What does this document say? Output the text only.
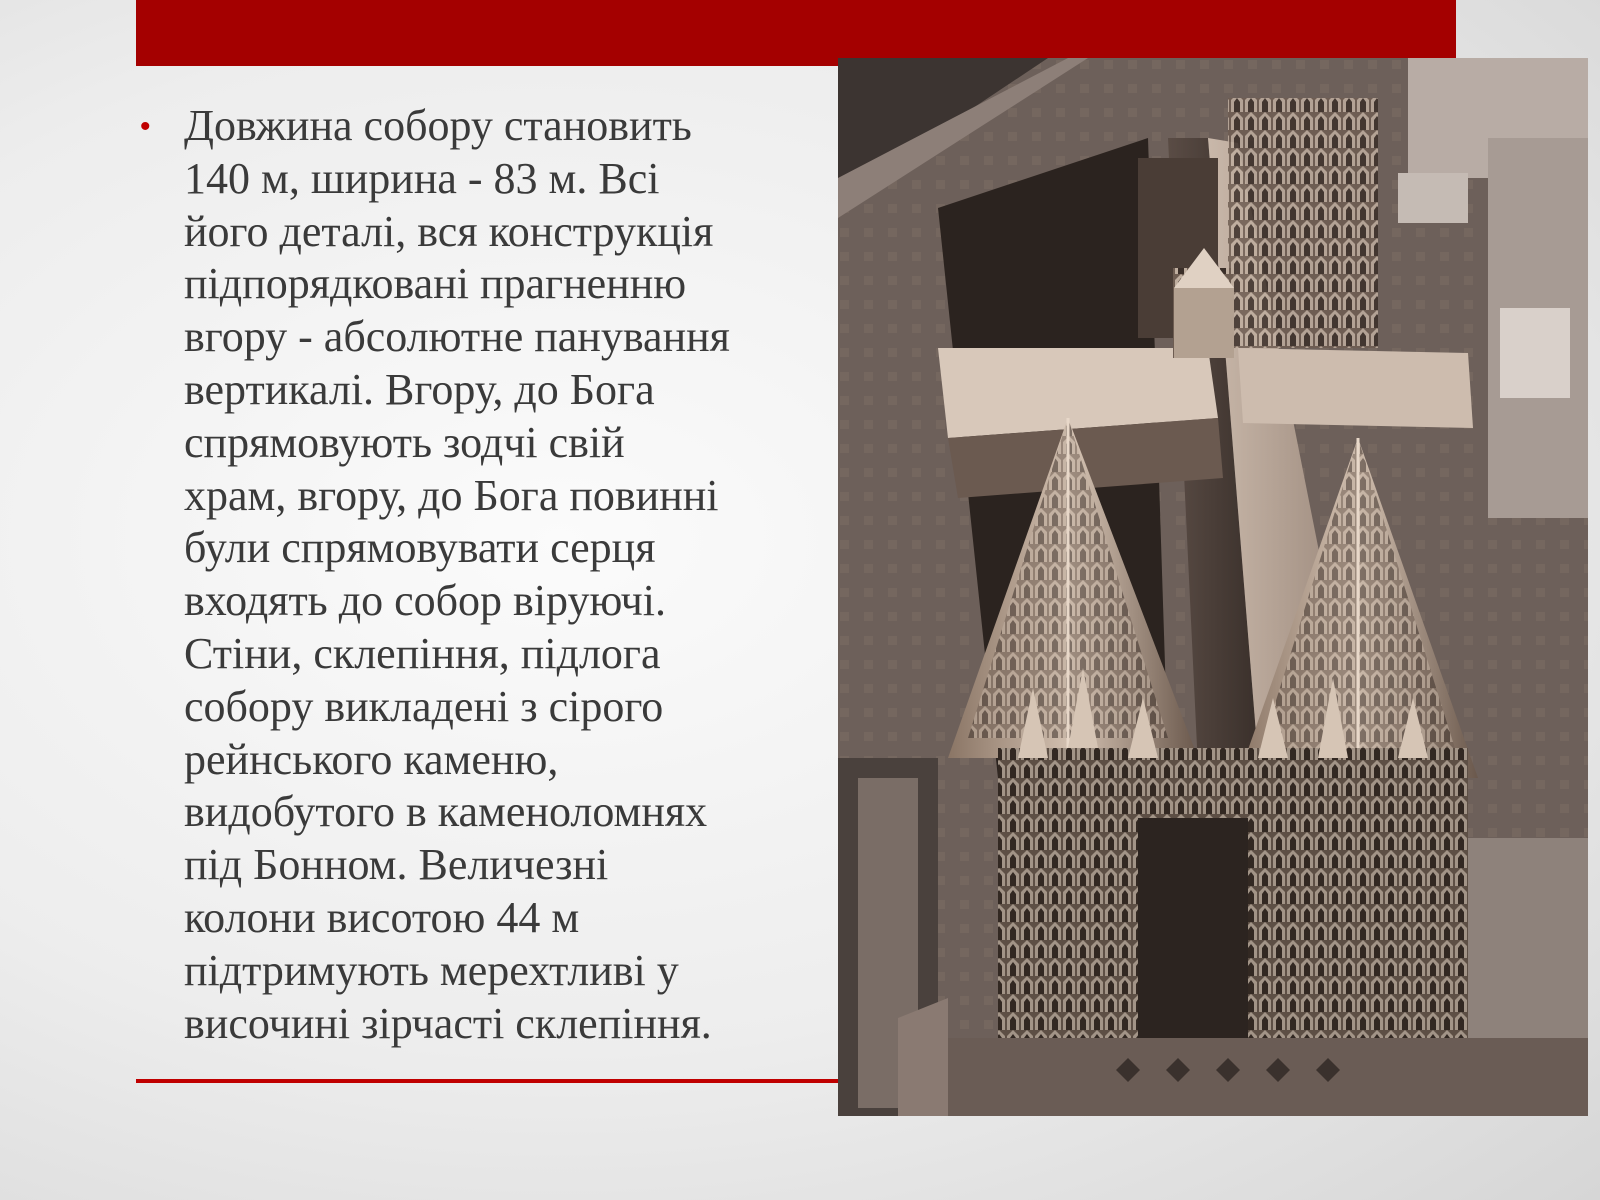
• Довжина собору становить
140 м, ширина - 83 м. Всі
його деталі, вся конструкція
підпорядковані прагненню
вгору - абсолютне панування
вертикалі. Вгору, до Бога
спрямовують зодчі свій
храм, вгору, до Бога повинні
були спрямовувати серця
входять до собор віруючі.
Стіни, склепіння, підлога
собору викладені з сірого
рейнського каменю,
видобутого в каменоломнях
під Бонном. Величезні
колони висотою 44 м
підтримують мерехтливі у
височині зірчасті склепіння.
